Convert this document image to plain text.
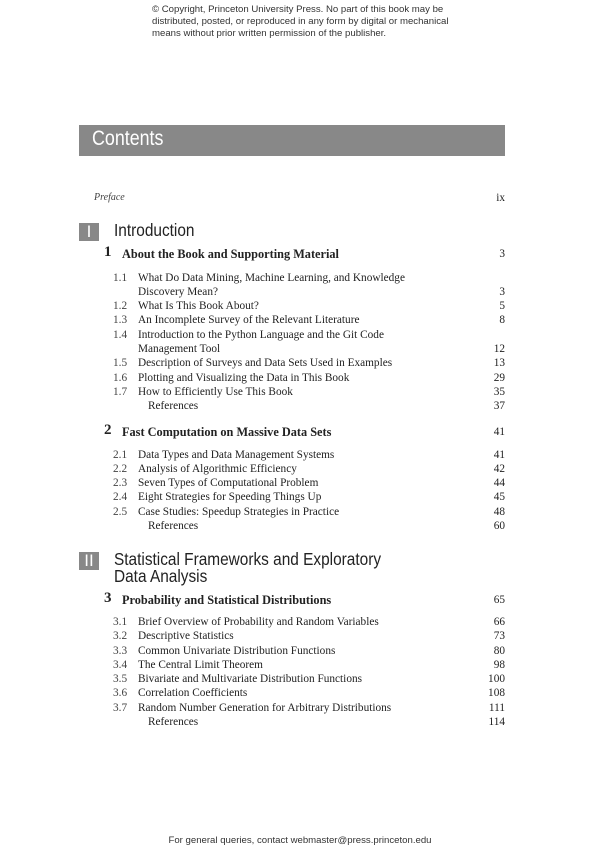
© Copyright, Princeton University Press. No part of this book may be
distributed, posted, or reproduced in any form by digital or mechanical
means without prior written permission of the publisher.
Contents
Preface	ix
I	Introduction
1 About the Book and Supporting Material	3
1.1 What Do Data Mining, Machine Learning, and Knowledge
Discovery Mean?	3
1.2 What Is This Book About?	5
1.3 An Incomplete Survey of the Relevant Literature	8
1.4 Introduction to the Python Language and the Git Code
Management Tool	12
1.5 Description of Surveys and Data Sets Used in Examples	13
1.6 Plotting and Visualizing the Data in This Book	29
1.7 How to Efficiently Use This Book	35
References	37
2 Fast Computation on Massive Data Sets	41
2.1 Data Types and Data Management Systems	41
2.2 Analysis of Algorithmic Efficiency	42
2.3 Seven Types of Computational Problem	44
2.4 Eight Strategies for Speeding Things Up	45
2.5 Case Studies: Speedup Strategies in Practice	48
References	60
II	Statistical Frameworks and Exploratory
Data Analysis
3 Probability and Statistical Distributions	65
3.1 Brief Overview of Probability and Random Variables	66
3.2 Descriptive Statistics	73
3.3 Common Univariate Distribution Functions	80
3.4 The Central Limit Theorem	98
3.5 Bivariate and Multivariate Distribution Functions	100
3.6 Correlation Coefficients	108
3.7 Random Number Generation for Arbitrary Distributions	111
References	114
For general queries, contact webmaster@press.princeton.edu
